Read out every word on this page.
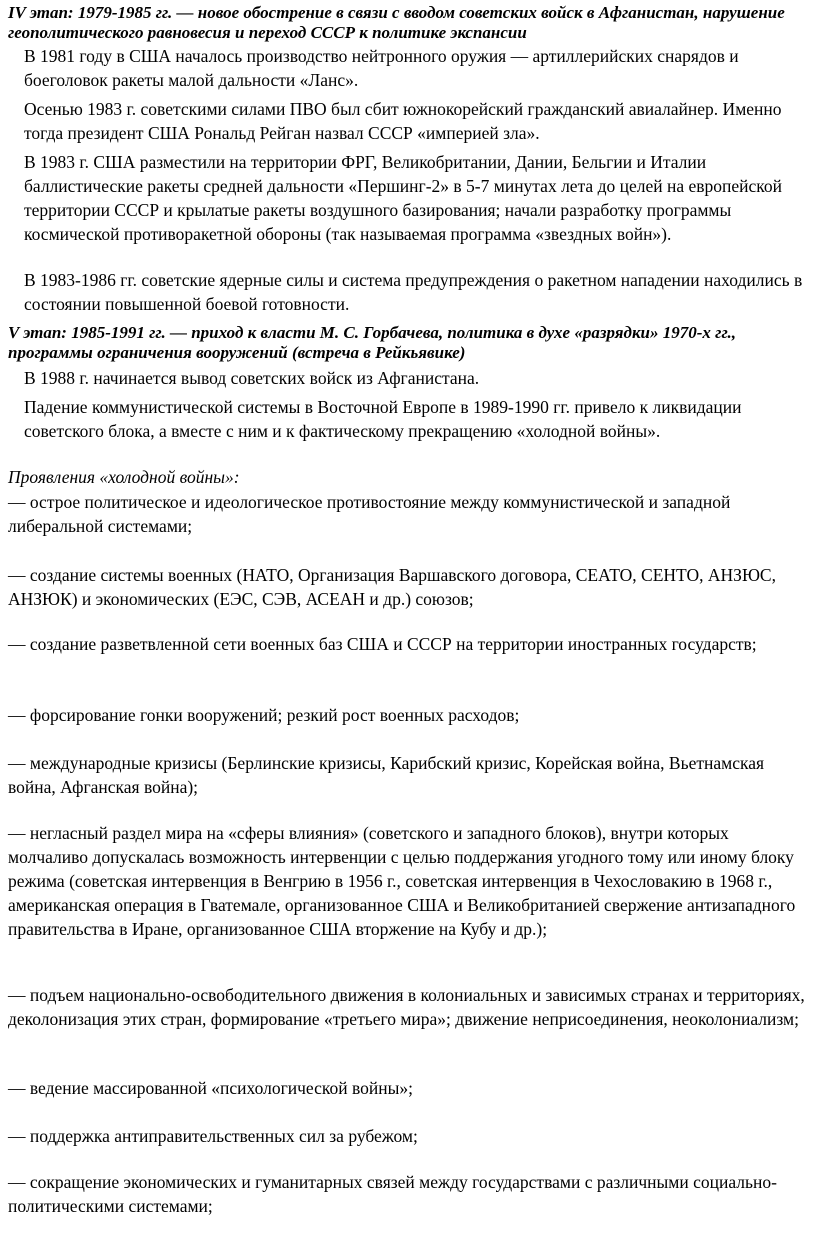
IV этап: 1979-1985 гг. — новое обострение в связи с вводом советских войск в Афганистан, нарушение геополитического равновесия и переход СССР к политике экспансии
В 1981 году в США началось производство нейтронного оружия — артиллерийских снарядов и боеголовок ракеты малой дальности «Ланс».
Осенью 1983 г. советскими силами ПВО был сбит южнокорейский гражданский авиалайнер. Именно тогда президент США Рональд Рейган назвал СССР «империей зла».
В 1983 г. США разместили на территории ФРГ, Великобритании, Дании, Бельгии и Италии баллистические ракеты средней дальности «Першинг-2» в 5-7 минутах лета до целей на европейской территории СССР и крылатые ракеты воздушного базирования; начали разработку программы космической противоракетной обороны (так называемая программа «звездных войн»).
В 1983-1986 гг. советские ядерные силы и система предупреждения о ракетном нападении находились в состоянии повышенной боевой готовности.
V этап: 1985-1991 гг. — приход к власти М. С. Горбачева, политика в духе «разрядки» 1970-х гг., программы ограничения вооружений (встреча в Рейкьявике)
В 1988 г. начинается вывод советских войск из Афганистана.
Падение коммунистической системы в Восточной Европе в 1989-1990 гг. привело к ликвидации советского блока, а вместе с ним и к фактическому прекращению «холодной войны».
Проявления «холодной войны»:
— острое политическое и идеологическое противостояние между коммунистической и западной либеральной системами;
— создание системы военных (НАТО, Организация Варшавского договора, СЕАТО, СЕНТО, АНЗЮС, АНЗЮК) и экономических (ЕЭС, СЭВ, АСЕАН и др.) союзов;
— создание разветвленной сети военных баз США и СССР на территории иностранных государств;
— форсирование гонки вооружений; резкий рост военных расходов;
— международные кризисы (Берлинские кризисы, Карибский кризис, Корейская война, Вьетнамская война, Афганская война);
— негласный раздел мира на «сферы влияния» (советского и западного блоков), внутри которых молчаливо допускалась возможность интервенции с целью поддержания угодного тому или иному блоку режима (советская интервенция в Венгрию в 1956 г., советская интервенция в Чехословакию в 1968 г., американская операция в Гватемале, организованное США и Великобританией свержение антизападного правительства в Иране, организованное США вторжение на Кубу и др.);
— подъем национально-освободительного движения в колониальных и зависимых странах и территориях, деколонизация этих стран, формирование «третьего мира»; движение неприсоединения, неоколониализм;
— ведение массированной «психологической войны»;
— поддержка антиправительственных сил за рубежом;
— сокращение экономических и гуманитарных связей между государствами с различными социально-политическими системами;
